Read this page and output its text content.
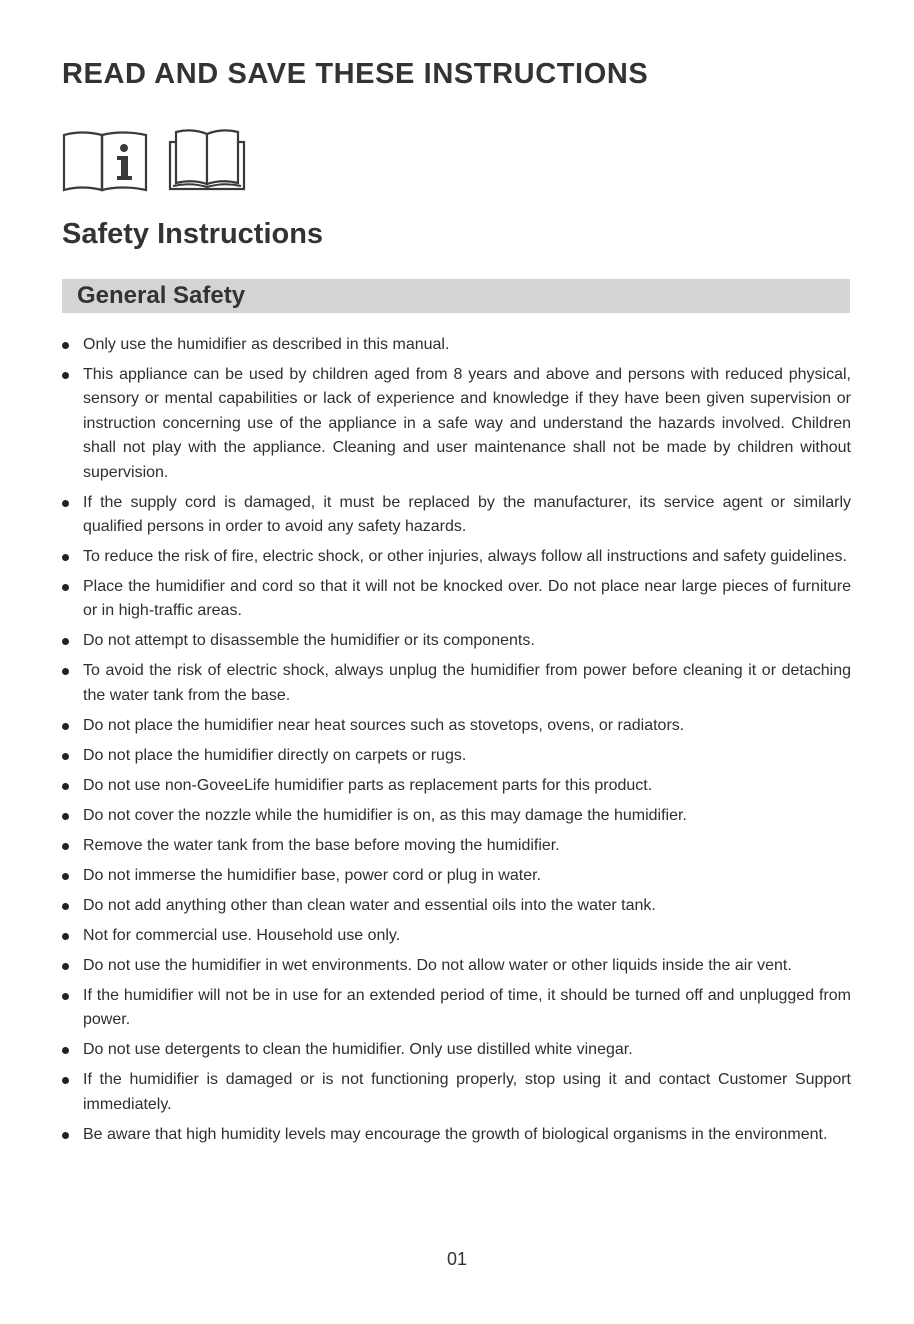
READ AND SAVE THESE INSTRUCTIONS
Safety Instructions
General Safety
Only use the humidifier as described in this manual.
This appliance can be used by children aged from 8 years and above and persons with reduced physical, sensory or mental capabilities or lack of experience and knowledge if they have been given supervision or instruction concerning use of the appliance in a safe way and understand the hazards involved. Children shall not play with the appliance. Cleaning and user maintenance shall not be made by children without supervision.
If the supply cord is damaged, it must be replaced by the manufacturer, its service agent or similarly qualified persons in order to avoid any safety hazards.
To reduce the risk of fire, electric shock, or other injuries, always follow all instructions and safety guidelines.
Place the humidifier and cord so that it will not be knocked over. Do not place near large pieces of furniture or in high-traffic areas.
Do not attempt to disassemble the humidifier or its components.
To avoid the risk of electric shock, always unplug the humidifier from power before cleaning it or detaching the water tank from the base.
Do not place the humidifier near heat sources such as stovetops, ovens, or radiators.
Do not place the humidifier directly on carpets or rugs.
Do not use non-GoveeLife humidifier parts as replacement parts for this product.
Do not cover the nozzle while the humidifier is on, as this may damage the humidifier.
Remove the water tank from the base before moving the humidifier.
Do not immerse the humidifier base, power cord or plug in water.
Do not add anything other than clean water and essential oils into the water tank.
Not for commercial use. Household use only.
Do not use the humidifier in wet environments. Do not allow water or other liquids inside the air vent.
If the humidifier will not be in use for an extended period of time, it should be turned off and unplugged from power.
Do not use detergents to clean the humidifier. Only use distilled white vinegar.
If the humidifier is damaged or is not functioning properly, stop using it and contact Customer Support immediately.
Be aware that high humidity levels may encourage the growth of biological organisms in the environment.
01
